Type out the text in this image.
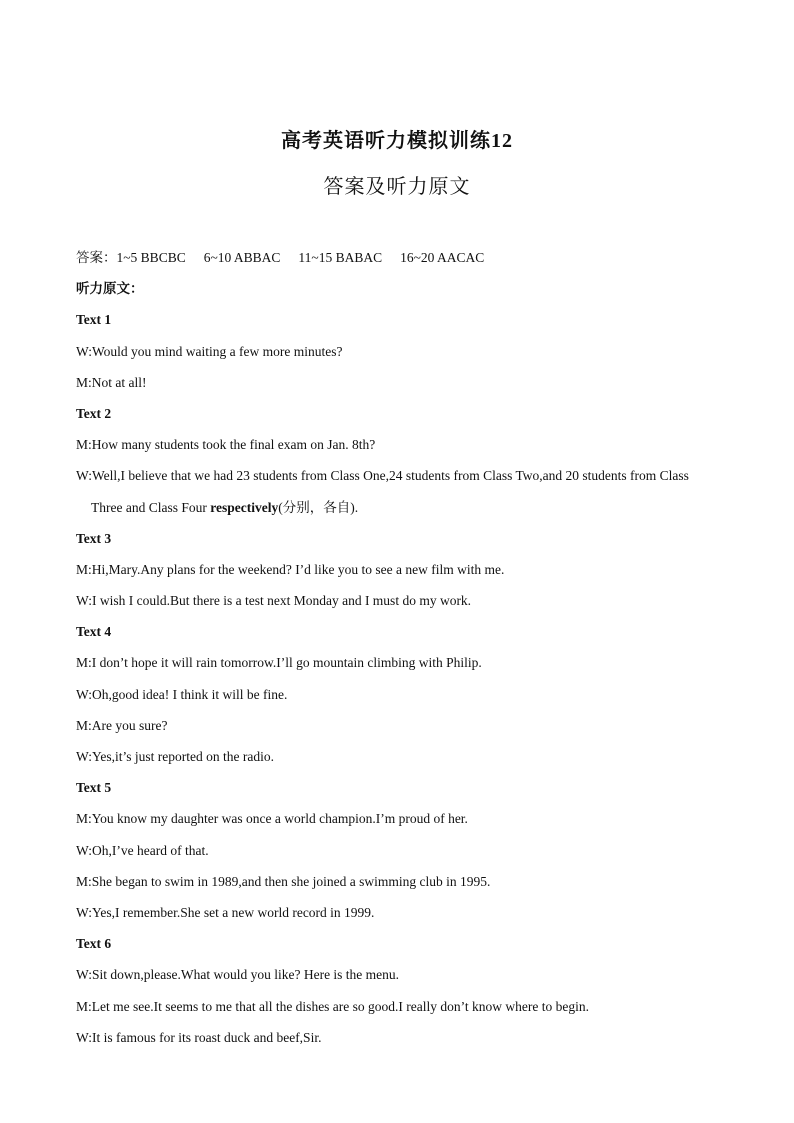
高考英语听力模拟训练12
答案及听力原文
答案：1~5 BBCBC 6~10 ABBAC 11~15 BABAC 16~20 AACAC
听力原文：
Text 1
W:Would you mind waiting a few more minutes?
M:Not at all!
Text 2
M:How many students took the final exam on Jan. 8th?
W:Well,I believe that we had 23 students from Class One,24 students from Class Two,and 20 students from Class
Three and Class Four respectively(分别，各自).
Text 3
M:Hi,Mary.Any plans for the weekend? I’d like you to see a new film with me.
W:I wish I could.But there is a test next Monday and I must do my work.
Text 4
M:I don’t hope it will rain tomorrow.I’ll go mountain climbing with Philip.
W:Oh,good idea! I think it will be fine.
M:Are you sure?
W:Yes,it’s just reported on the radio.
Text 5
M:You know my daughter was once a world champion.I’m proud of her.
W:Oh,I’ve heard of that.
M:She began to swim in 1989,and then she joined a swimming club in 1995.
W:Yes,I remember.She set a new world record in 1999.
Text 6
W:Sit down,please.What would you like? Here is the menu.
M:Let me see.It seems to me that all the dishes are so good.I really don’t know where to begin.
W:It is famous for its roast duck and beef,Sir.
